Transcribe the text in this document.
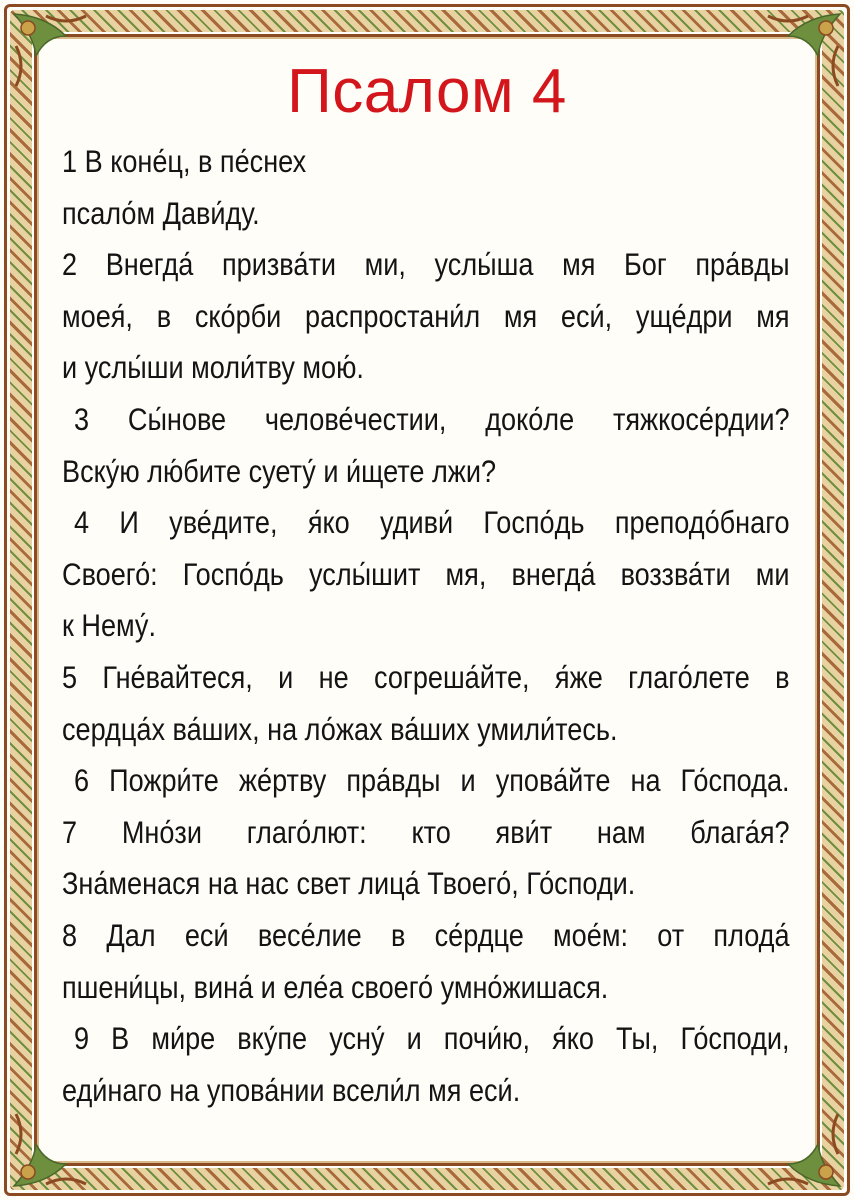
Псалом 4
1 В коне́ц, в пе́снех
псало́м Дави́ду.
2 Внегда́ призва́ти ми, услы́ша мя Бог пра́вды
моея́, в ско́рби распростани́л мя еси́, уще́дри мя
и услы́ши моли́тву мою́.
3 Сы́нове челове́честии, доко́ле тяжкосе́рдии?
Вску́ю лю́бите суету́ и и́щете лжи?
4 И уве́дите, я́ко удиви́ Госпо́дь преподо́бнаго
Своего́: Госпо́дь услы́шит мя, внегда́ воззва́ти ми
к Нему́.
5 Гне́вайтеся, и не согреша́йте, я́же глаго́лете в
сердца́х ва́ших, на ло́жах ва́ших умили́тесь.
6 Пожри́те же́ртву пра́вды и упова́йте на Го́спода.
7 Мно́зи глаго́лют: кто яви́т нам блага́я?
Зна́менася на нас свет лица́ Твоего́, Го́споди.
8 Дал еси́ весе́лие в се́рдце мое́м: от плода́
пшени́цы, вина́ и еле́а своего́ умно́жишася.
9 В ми́ре вку́пе усну́ и почи́ю, я́ко Ты, Го́споди,
еди́наго на упова́нии всели́л мя еси́.
